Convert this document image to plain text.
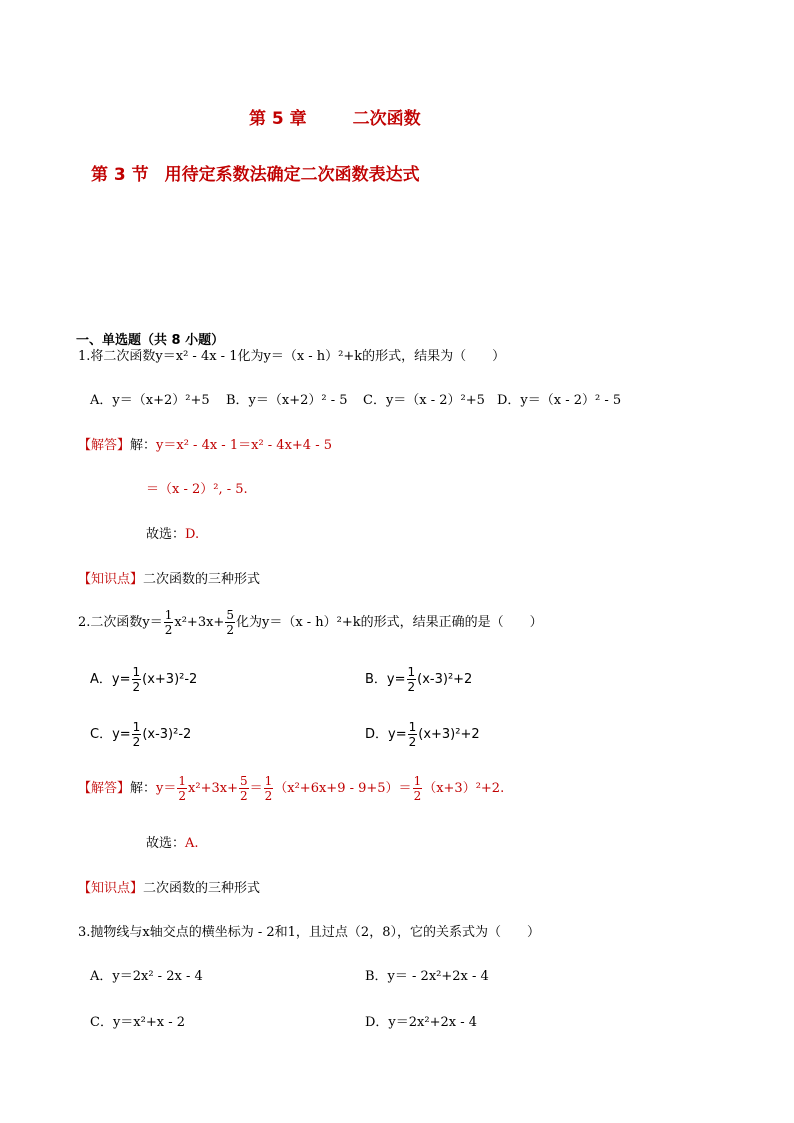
第 5 章	二次函数
第 3 节 用待定系数法确定二次函数表达式
一、单选题（共 8 小题）
1.将二次函数y＝x² - 4x - 1化为y＝（x - h）²+k的形式，结果为（　　）
A．y＝（x+2）²+5 B．y＝（x+2）² - 5 C．y＝（x - 2）²+5 D．y＝（x - 2）² - 5
【解答】解：y＝x² - 4x - 1＝x² - 4x+4 - 5
＝（x - 2）², - 5.
故选：D.
【知识点】二次函数的三种形式
2.二次函数$y= \frac{1}{2} x^2+3x+ \frac{5}{2}$ 化为y＝（x - h）²+k的形式，结果正确的是（　　）
A．$y= \frac{1}{2} (x+3)^2-2$	B．$y= \frac{1}{2} (x-3)^2+2$
C．$y= \frac{1}{2} (x-3)^2-2$	D．$y= \frac{1}{2} (x+3)^2+2$
【解答】解：$y= \frac{1}{2} x^2+3x+ \frac{5}{2} = \frac{1}{2} (x^2+6x+9 - 9+5)= \frac{1}{2} (x+3)^2+2$.
故选：A.
【知识点】二次函数的三种形式
3.抛物线与x轴交点的横坐标为 - 2和1，且过点（2，8），它的关系式为（　　）
A．y＝2x² - 2x - 4	B．y＝ - 2x²+2x - 4
C．y＝x²+x - 2	D．y＝2x²+2x - 4
